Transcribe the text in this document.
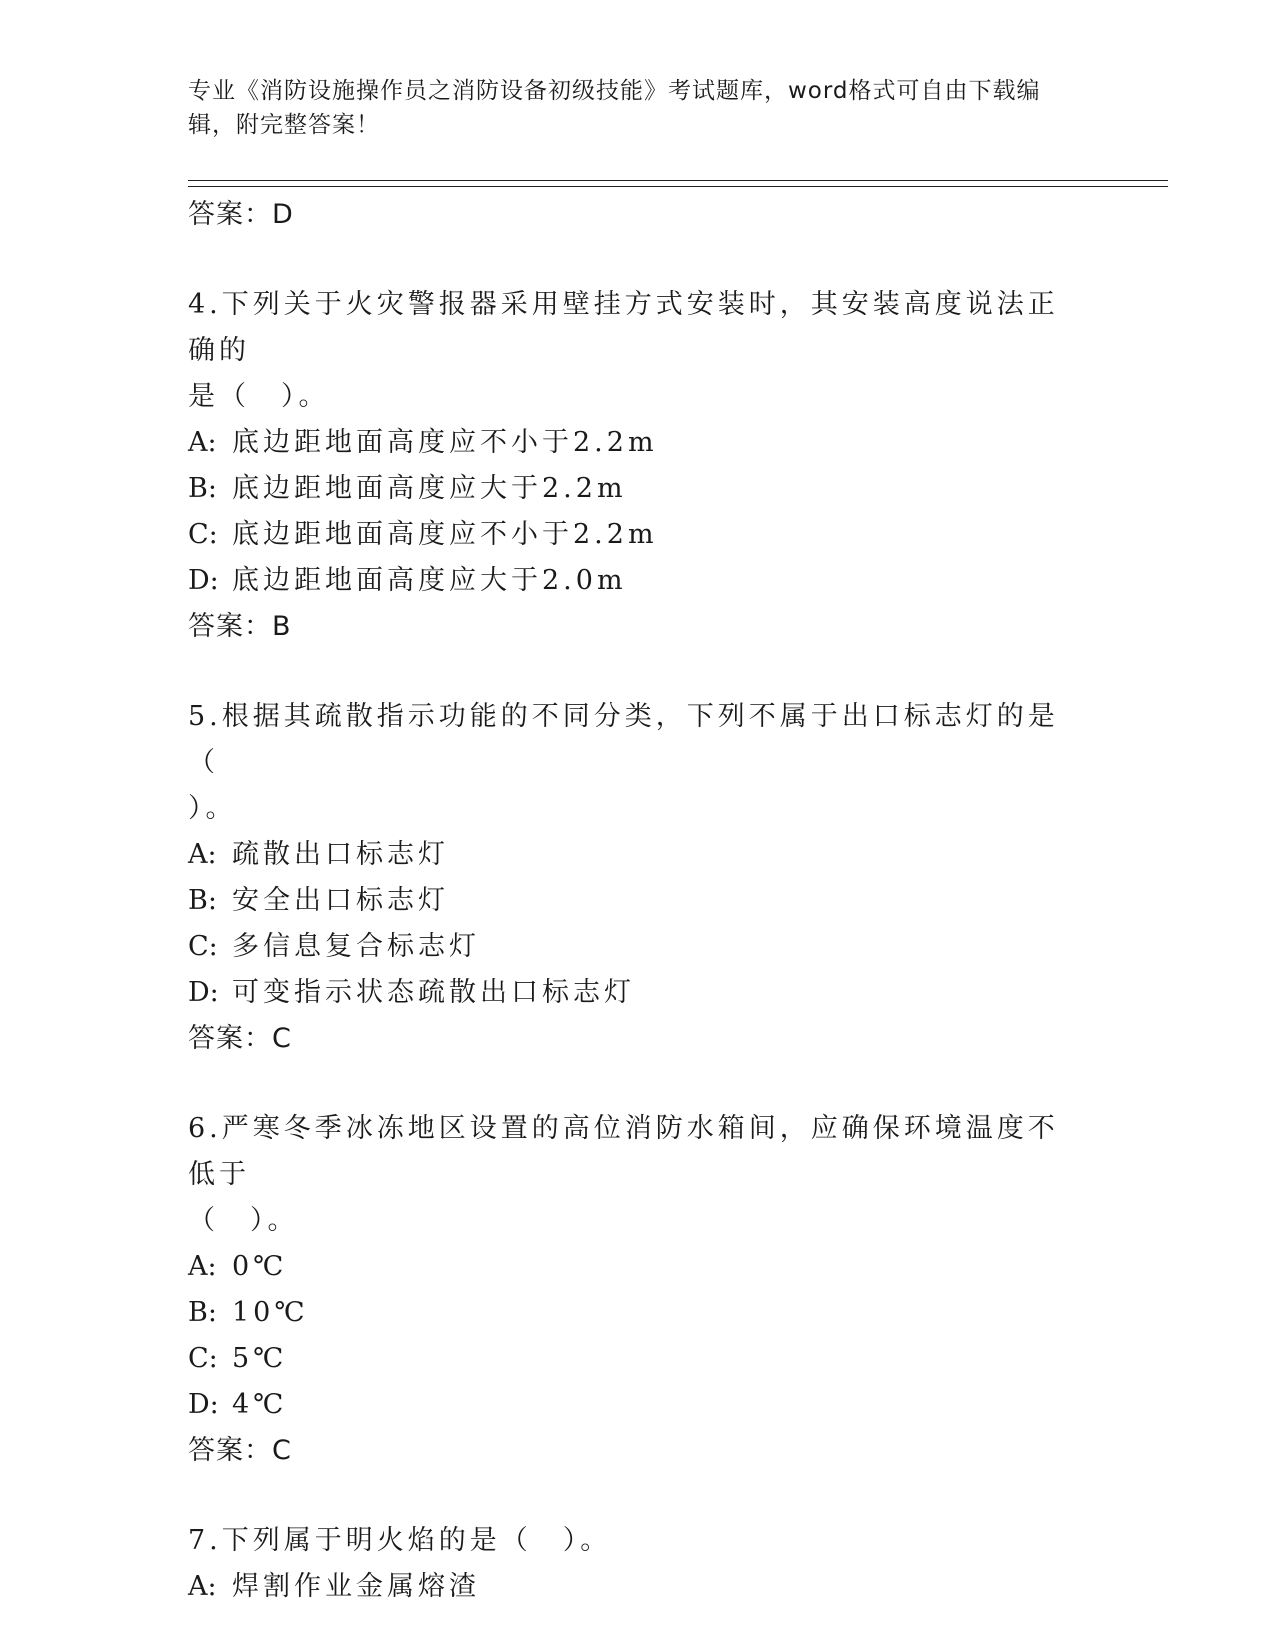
专业《消防设施操作员之消防设备初级技能》考试题库，word格式可自由下载编
辑，附完整答案！
答案：D
4.下列关于火灾警报器采用壁挂方式安装时，其安装高度说法正确的
是（　）。
A: 底边距地面高度应不小于2.2m
B: 底边距地面高度应大于2.2m
C: 底边距地面高度应不小于2.2m
D: 底边距地面高度应大于2.0m
答案：B
5.根据其疏散指示功能的不同分类，下列不属于出口标志灯的是（
）。
A: 疏散出口标志灯
B: 安全出口标志灯
C: 多信息复合标志灯
D: 可变指示状态疏散出口标志灯
答案：C
6.严寒冬季冰冻地区设置的高位消防水箱间，应确保环境温度不低于
（　）。
A: 0℃
B: 10℃
C: 5℃
D: 4℃
答案：C
7.下列属于明火焰的是（　）。
A: 焊割作业金属熔渣
